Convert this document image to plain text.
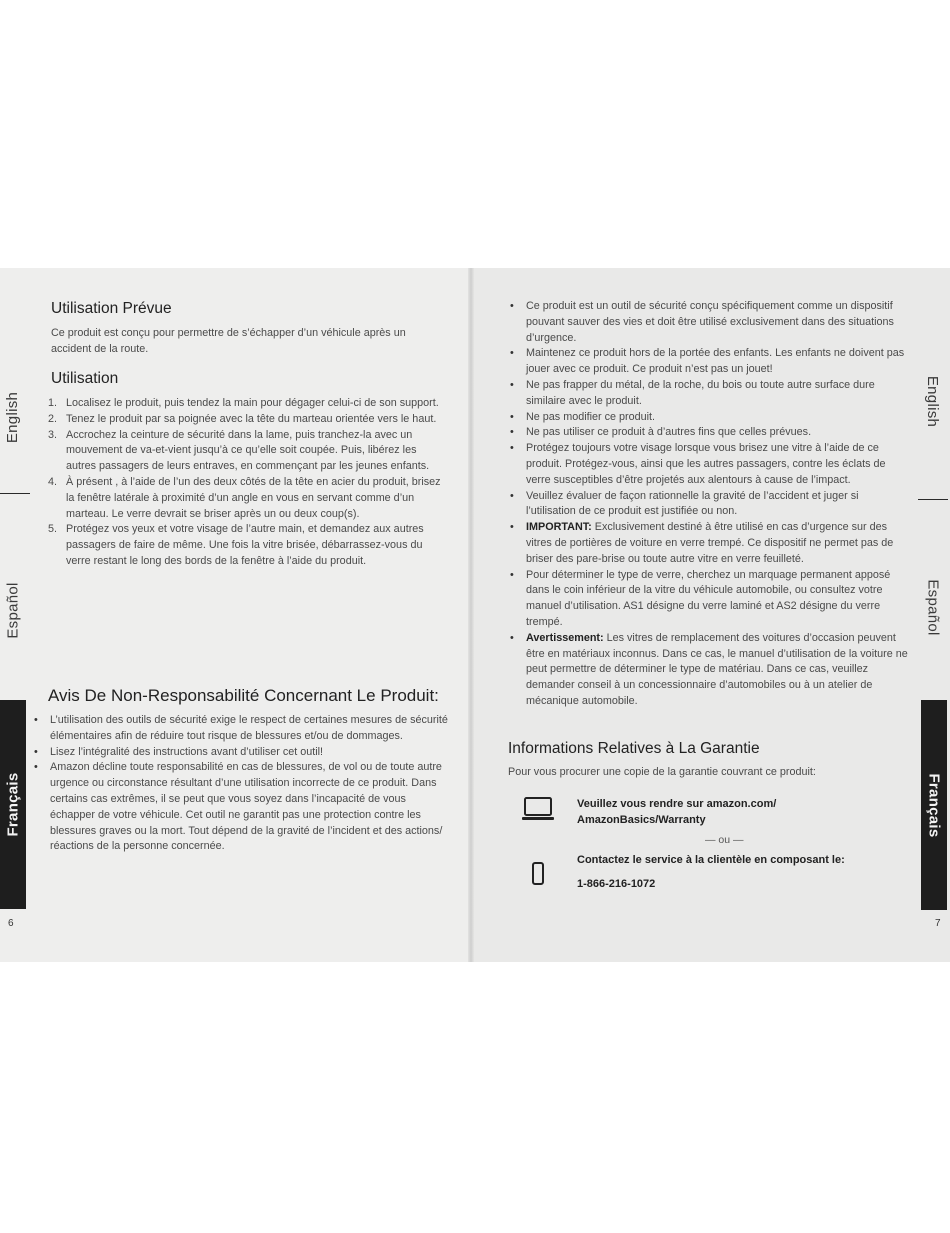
English
Español
Français
English
Español
Français
Utilisation Prévue

Ce produit est conçu pour permettre de s’échapper d’un véhicule après un accident de la route.

Utilisation
1. Localisez le produit, puis tendez la main pour dégager celui-ci de son support.
2. Tenez le produit par sa poignée avec la tête du marteau orientée vers le haut.
3. Accrochez la ceinture de sécurité dans la lame, puis tranchez-la avec un mouvement de va-et-vient jusqu’à ce qu’elle soit coupée. Puis, libérez les autres passagers de leurs entraves, en commençant par les jeunes enfants.
4. À présent , à l’aide de l’un des deux côtés de la tête en acier du produit, brisez la fenêtre latérale à proximité d’un angle en vous en servant comme d’un marteau. Le verre devrait se briser après un ou deux coup(s).
5. Protégez vos yeux et votre visage de l’autre main, et demandez aux autres passagers de faire de même. Une fois la vitre brisée, débarrassez-vous du verre restant le long des bords de la fenêtre à l’aide du produit.
Avis De Non-Responsabilité Concernant Le Produit:
• L’utilisation des outils de sécurité exige le respect de certaines mesures de sécurité élémentaires afin de réduire tout risque de blessures et/ou de dommages.
• Lisez l’intégralité des instructions avant d’utiliser cet outil!
• Amazon décline toute responsabilité en cas de blessures, de vol ou de toute autre urgence ou circonstance résultant d’une utilisation incorrecte de ce produit. Dans certains cas extrêmes, il se peut que vous soyez dans l’incapacité de vous échapper de votre véhicule. Cet outil ne garantit pas une protection contre les blessures graves ou la mort. Tout dépend de la gravité de l’incident et des actions/ réactions de la personne concernée.
6
• Ce produit est un outil de sécurité conçu spécifiquement comme un dispositif pouvant sauver des vies et doit être utilisé exclusivement dans des situations d’urgence.
• Maintenez ce produit hors de la portée des enfants. Les enfants ne doivent pas jouer avec ce produit. Ce produit n’est pas un jouet!
• Ne pas frapper du métal, de la roche, du bois ou toute autre surface dure similaire avec le produit.
• Ne pas modifier ce produit.
• Ne pas utiliser ce produit à d’autres fins que celles prévues.
• Protégez toujours votre visage lorsque vous brisez une vitre à l’aide de ce produit. Protégez-vous, ainsi que les autres passagers, contre les éclats de verre susceptibles d’être projetés aux alentours à cause de l’impact.
• Veuillez évaluer de façon rationnelle la gravité de l’accident et juger si l’utilisation de ce produit est justifiée ou non.
• IMPORTANT: Exclusivement destiné à être utilisé en cas d’urgence sur des vitres de portières de voiture en verre trempé. Ce dispositif ne permet pas de briser des pare-brise ou toute autre vitre en verre feuilleté.
• Pour déterminer le type de verre, cherchez un marquage permanent apposé dans le coin inférieur de la vitre du véhicule automobile, ou consultez votre manuel d’utilisation. AS1 désigne du verre laminé et AS2 désigne du verre trempé.
• Avertissement: Les vitres de remplacement des voitures d’occasion peuvent être en matériaux inconnus. Dans ce cas, le manuel d’utilisation de la voiture ne peut permettre de déterminer le type de matériau. Dans ce cas, veuillez demander conseil à un concessionnaire d’automobiles ou à un atelier de mécanique automobile.
Informations Relatives à La Garantie

Pour vous procurer une copie de la garantie couvrant ce produit:

Veuillez vous rendre sur amazon.com/
AmazonBasics/Warranty
— ou —
Contactez le service à la clientèle en composant le:
1-866-216-1072
7
